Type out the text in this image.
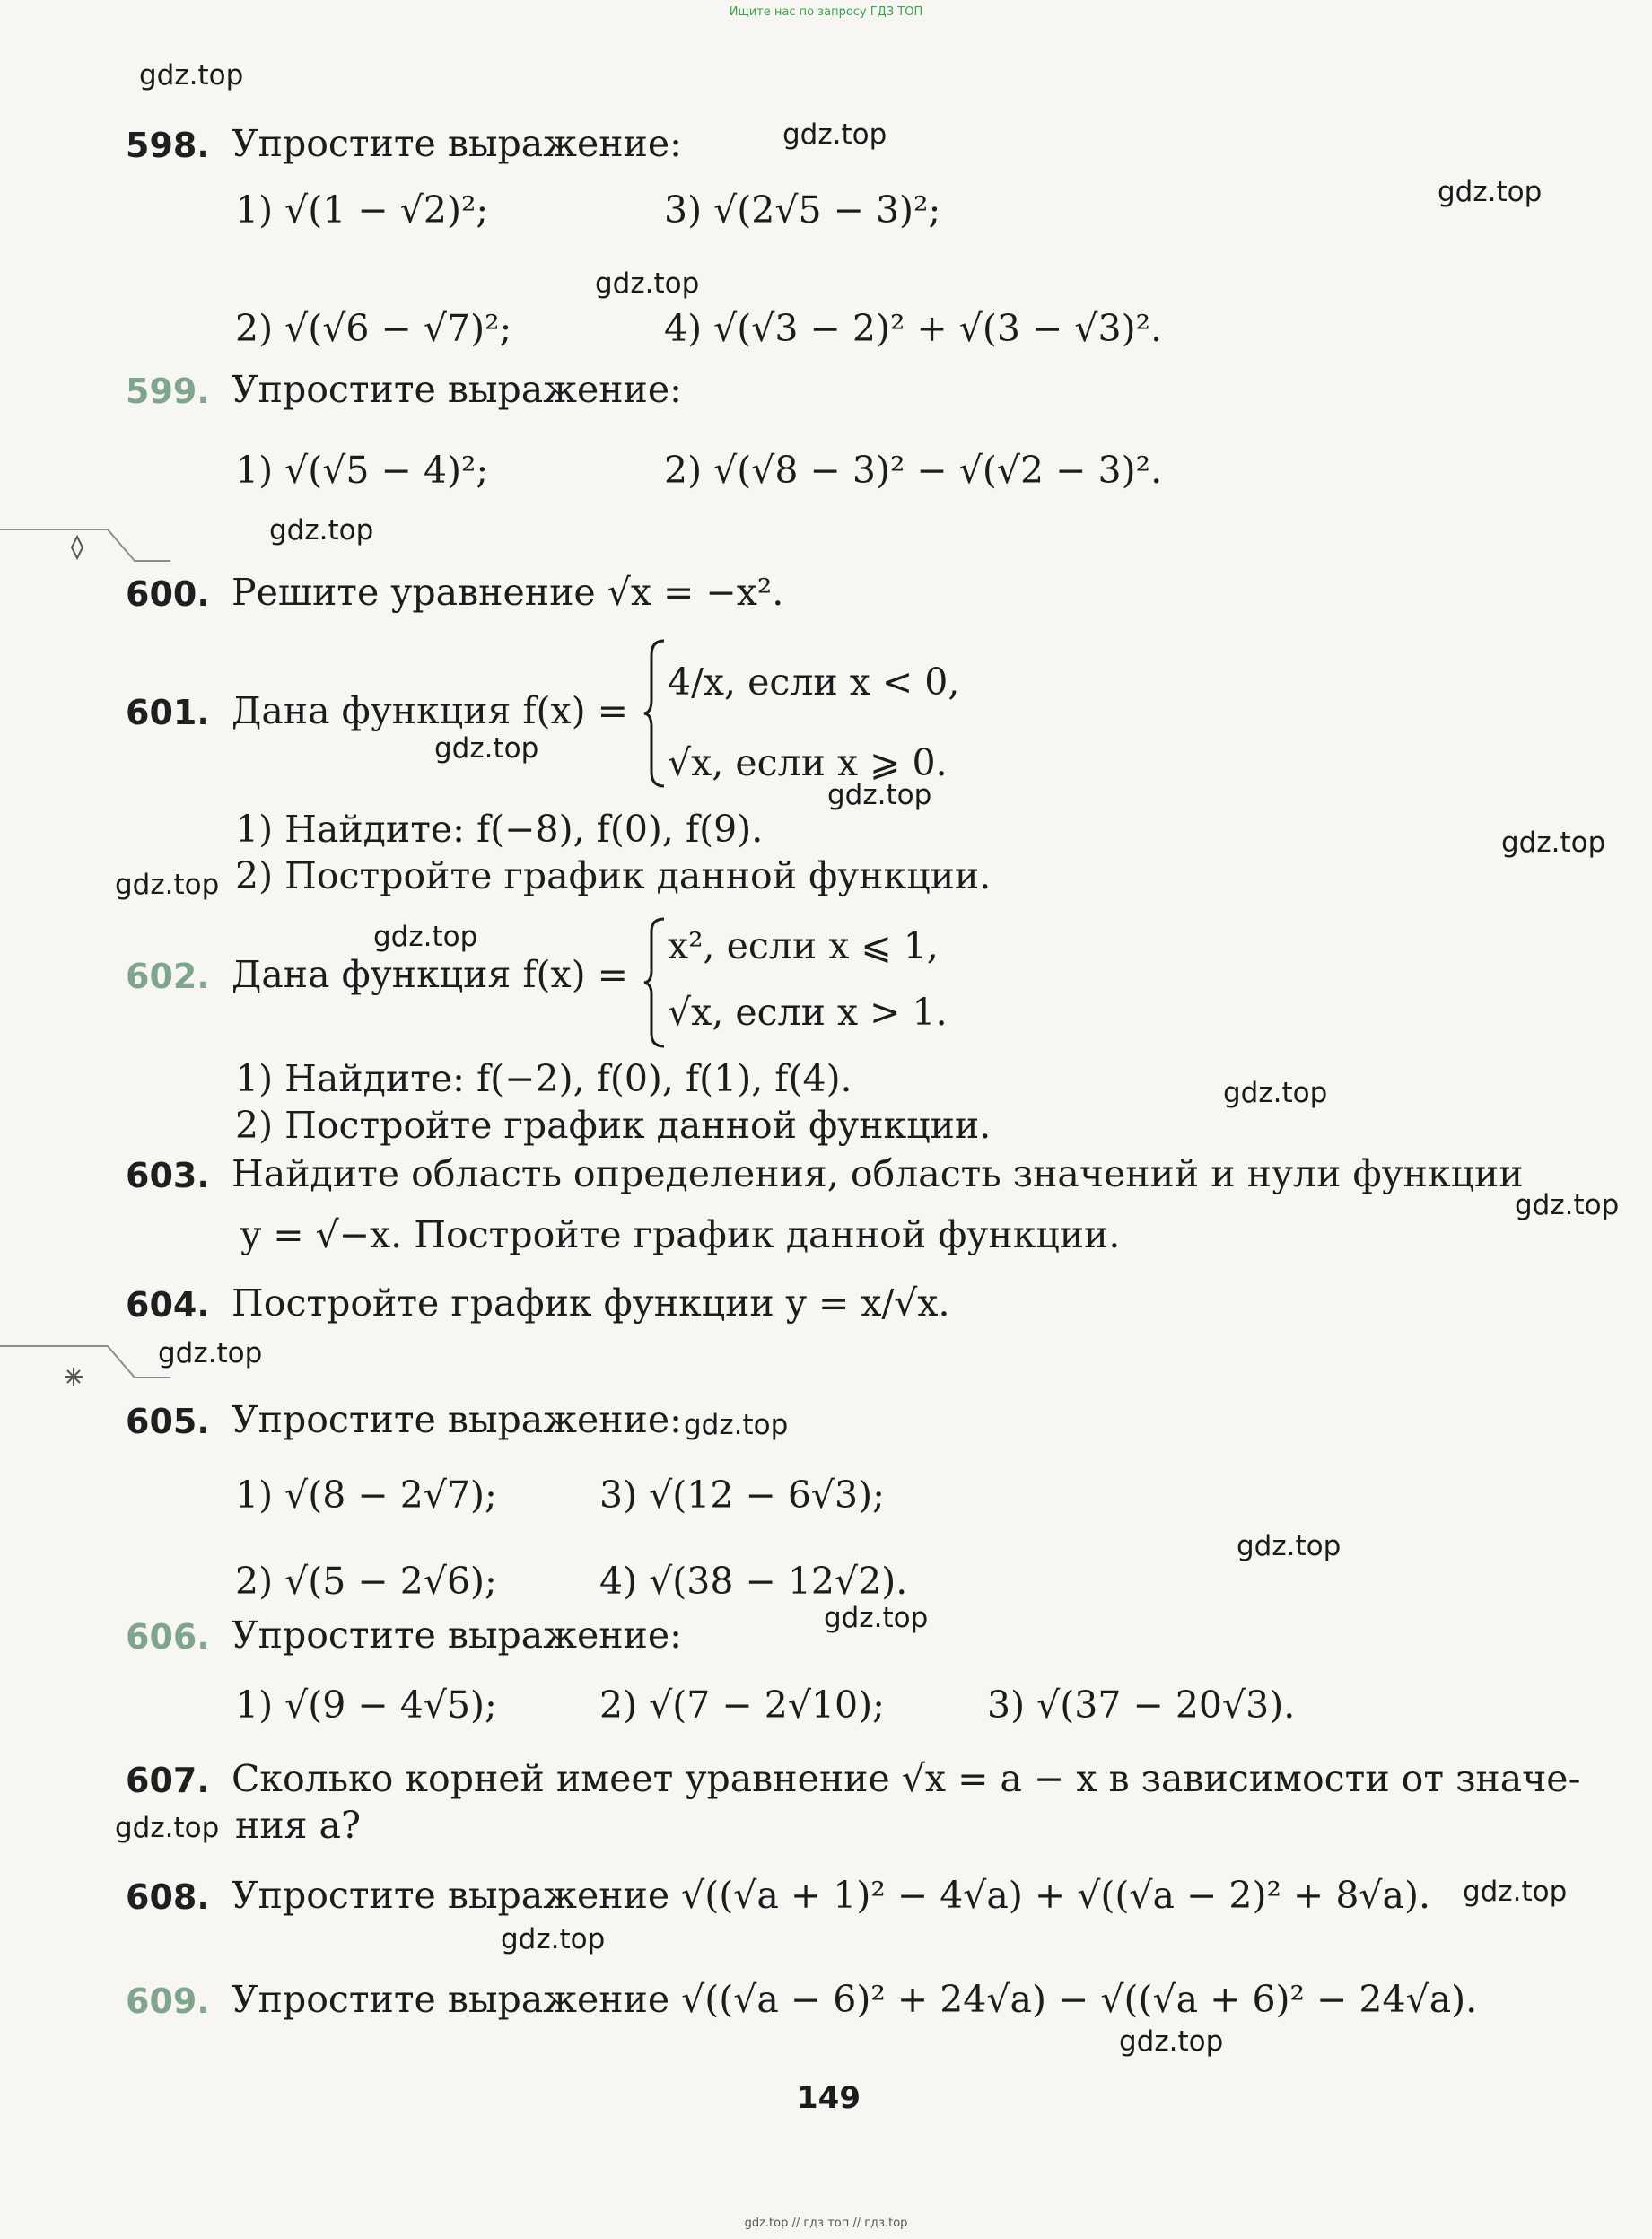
Ищите нас по запросу ГДЗ ТОП
gdz.top // гдз топ // гдз.top
gdz.top
gdz.top
gdz.top
gdz.top
gdz.top
gdz.top
gdz.top
gdz.top
gdz.top
gdz.top
gdz.top
gdz.top
gdz.top
gdz.top
gdz.top
gdz.top
gdz.top
gdz.top
gdz.top
gdz.top
598. Упростите выражение:
1) √(1 − √2)²;	3) √(2√5 − 3)²;
2) √(√6 − √7)²;	4) √(√3 − 2)² + √(3 − √3)².
599. Упростите выражение:
1) √(√5 − 4)²;	2) √(√8 − 3)² − √(√2 − 3)².
600. Решите уравнение √x = −x².
601. Дана функция f(x) =
4/x, если x < 0,
√x, если x ⩾ 0.
1) Найдите: f(−8), f(0), f(9).
2) Постройте график данной функции.
602. Дана функция f(x) =
x², если x ⩽ 1,
√x, если x > 1.
1) Найдите: f(−2), f(0), f(1), f(4).
2) Постройте график данной функции.
603. Найдите область определения, область значений и нули функции
y = √−x. Постройте график данной функции.
604. Постройте график функции y = x/√x.
605. Упростите выражение:
1) √(8 − 2√7);	3) √(12 − 6√3);
2) √(5 − 2√6);	4) √(38 − 12√2).
606. Упростите выражение:
1) √(9 − 4√5);	2) √(7 − 2√10);	3) √(37 − 20√3).
607. Сколько корней имеет уравнение √x = a − x в зависимости от значе-
ния a?
608. Упростите выражение √((√a + 1)² − 4√a) + √((√a − 2)² + 8√a).
609. Упростите выражение √((√a − 6)² + 24√a) − √((√a + 6)² − 24√a).
149
